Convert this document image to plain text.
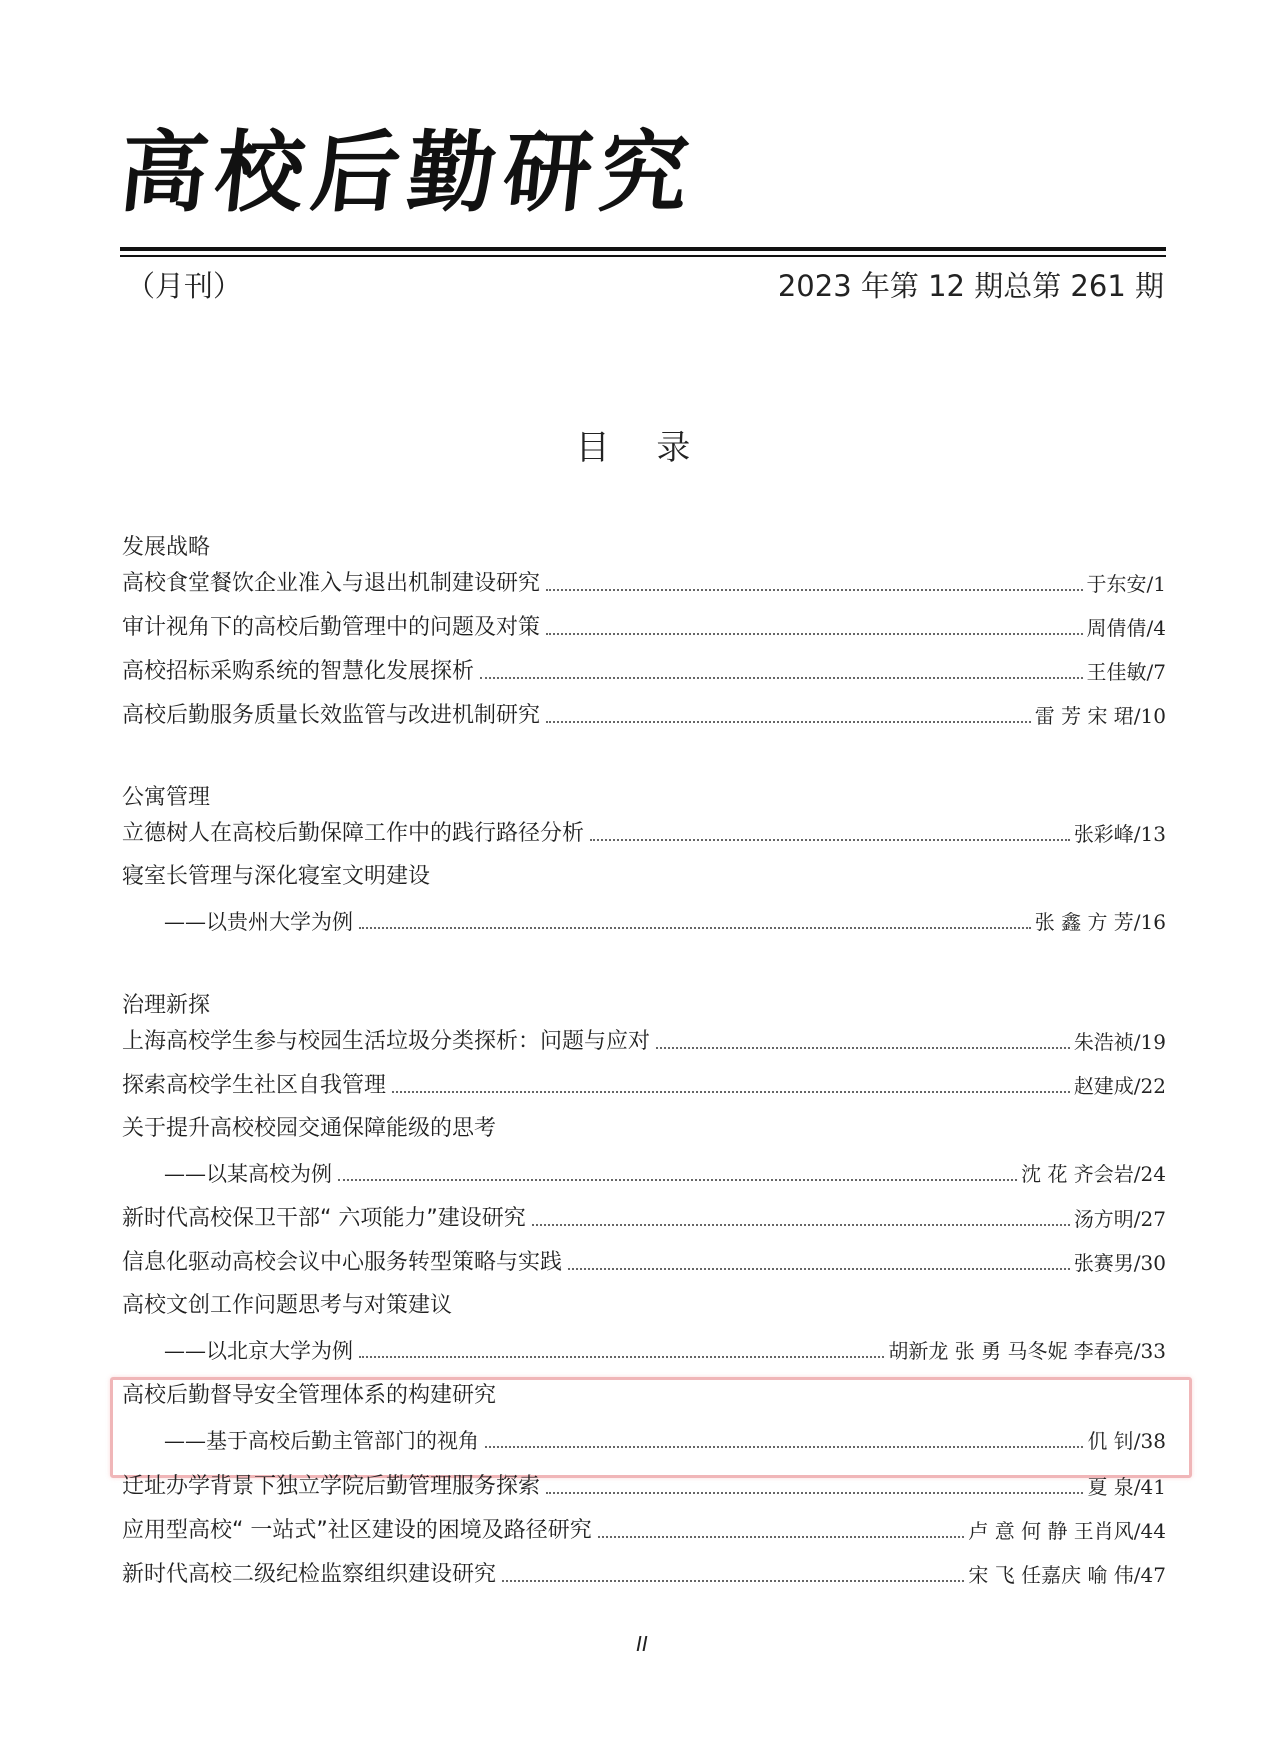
高校后勤研究
（月刊）	2023 年第 12 期总第 261 期
目 录
发展战略
高校食堂餐饮企业准入与退出机制建设研究	于东安/1
审计视角下的高校后勤管理中的问题及对策	周倩倩/4
高校招标采购系统的智慧化发展探析	王佳敏/7
高校后勤服务质量长效监管与改进机制研究	雷 芳 宋 珺/10
公寓管理
立德树人在高校后勤保障工作中的践行路径分析	张彩峰/13
寝室长管理与深化寝室文明建设
——以贵州大学为例	张 鑫 方 芳/16
治理新探
上海高校学生参与校园生活垃圾分类探析：问题与应对	朱浩祯/19
探索高校学生社区自我管理	赵建成/22
关于提升高校校园交通保障能级的思考
——以某高校为例	沈 花 齐会岩/24
新时代高校保卫干部“ 六项能力”建设研究	汤方明/27
信息化驱动高校会议中心服务转型策略与实践	张赛男/30
高校文创工作问题思考与对策建议
——以北京大学为例	胡新龙 张 勇 马冬妮 李春亮/33
高校后勤督导安全管理体系的构建研究
——基于高校后勤主管部门的视角	仉 钊/38
迁址办学背景下独立学院后勤管理服务探索	夏 泉/41
应用型高校“ 一站式”社区建设的困境及路径研究	卢 意 何 静 王肖风/44
新时代高校二级纪检监察组织建设研究	宋 飞 任嘉庆 喻 伟/47
II
